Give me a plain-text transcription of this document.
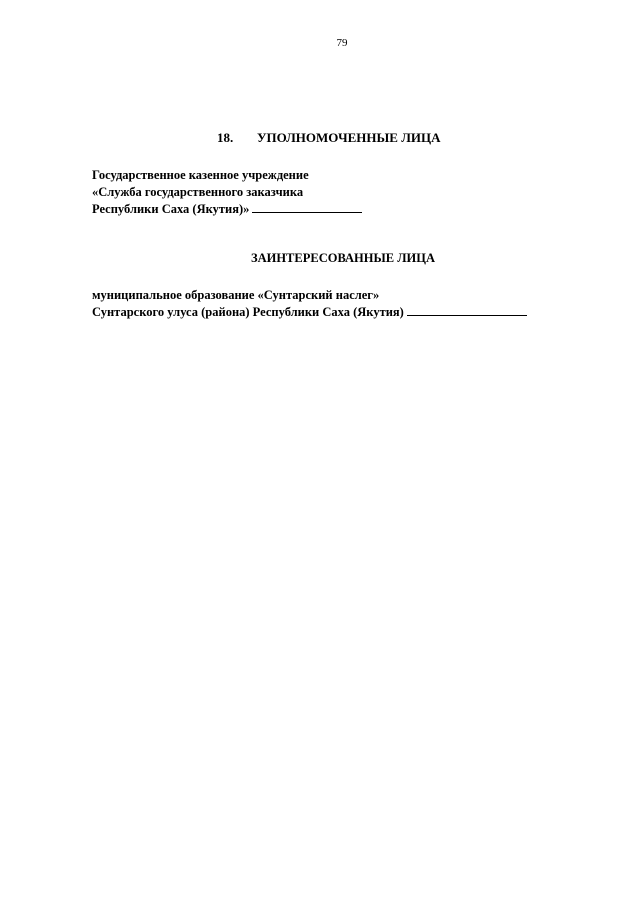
79
18. УПОЛНОМОЧЕННЫЕ ЛИЦА
Государственное казенное учреждение
«Служба государственного заказчика
Республики Саха (Якутия)»
ЗАИНТЕРЕСОВАННЫЕ ЛИЦА
муниципальное образование «Сунтарский наслег»
Сунтарского улуса (района) Республики Саха (Якутия)
